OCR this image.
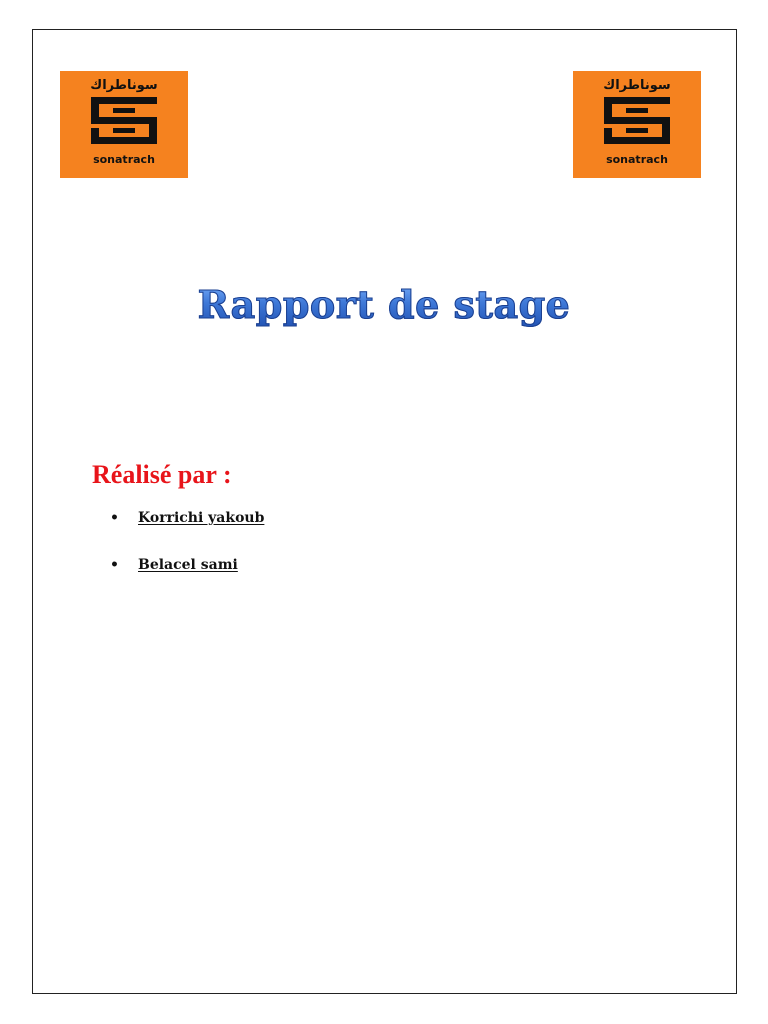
سوناطراك
sonatrach
سوناطراك
sonatrach
Rapport de stage
Réalisé par :
• Korrichi yakoub
• Belacel sami
